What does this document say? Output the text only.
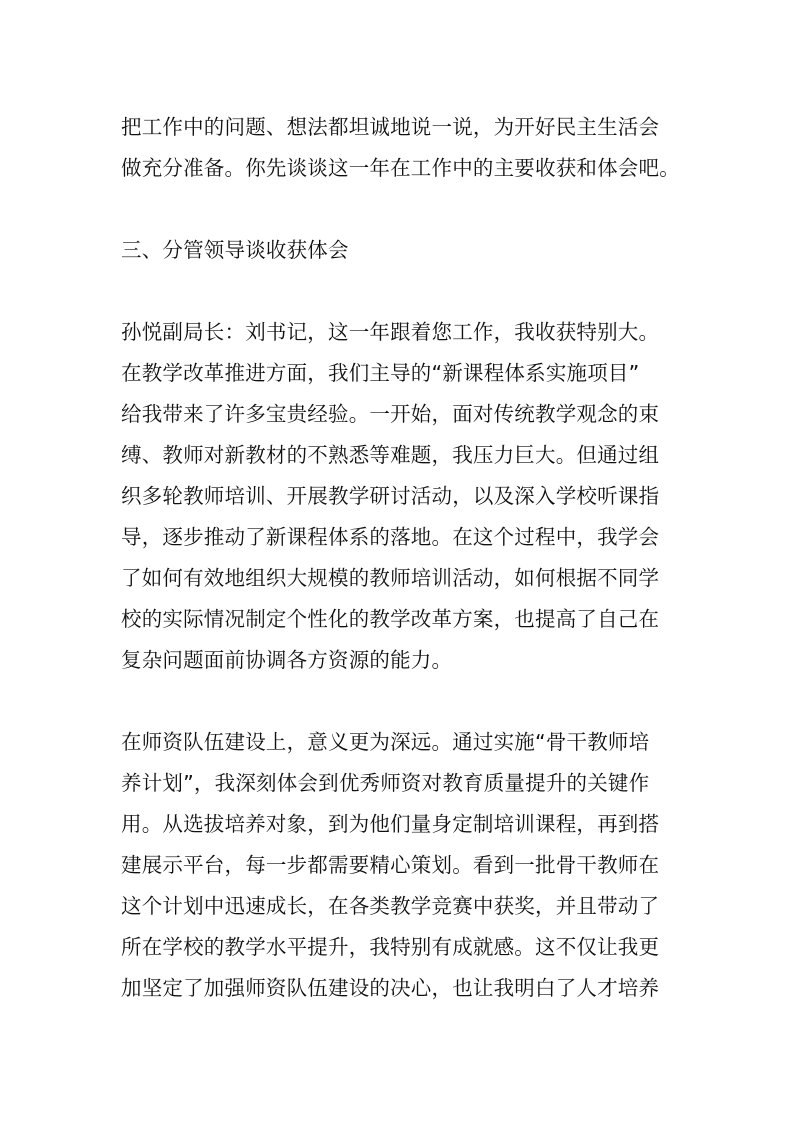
把工作中的问题、想法都坦诚地说一说，为开好民主生活会

做充分准备。你先谈谈这一年在工作中的主要收获和体会吧。

三、分管领导谈收获体会

孙悦副局长：刘书记，这一年跟着您工作，我收获特别大。

在教学改革推进方面，我们主导的“新课程体系实施项目”

给我带来了许多宝贵经验。一开始，面对传统教学观念的束

缚、教师对新教材的不熟悉等难题，我压力巨大。但通过组

织多轮教师培训、开展教学研讨活动，以及深入学校听课指

导，逐步推动了新课程体系的落地。在这个过程中，我学会

了如何有效地组织大规模的教师培训活动，如何根据不同学

校的实际情况制定个性化的教学改革方案，也提高了自己在

复杂问题面前协调各方资源的能力。

在师资队伍建设上，意义更为深远。通过实施“骨干教师培

养计划”，我深刻体会到优秀师资对教育质量提升的关键作

用。从选拔培养对象，到为他们量身定制培训课程，再到搭

建展示平台，每一步都需要精心策划。看到一批骨干教师在

这个计划中迅速成长，在各类教学竞赛中获奖，并且带动了

所在学校的教学水平提升，我特别有成就感。这不仅让我更

加坚定了加强师资队伍建设的决心，也让我明白了人才培养
